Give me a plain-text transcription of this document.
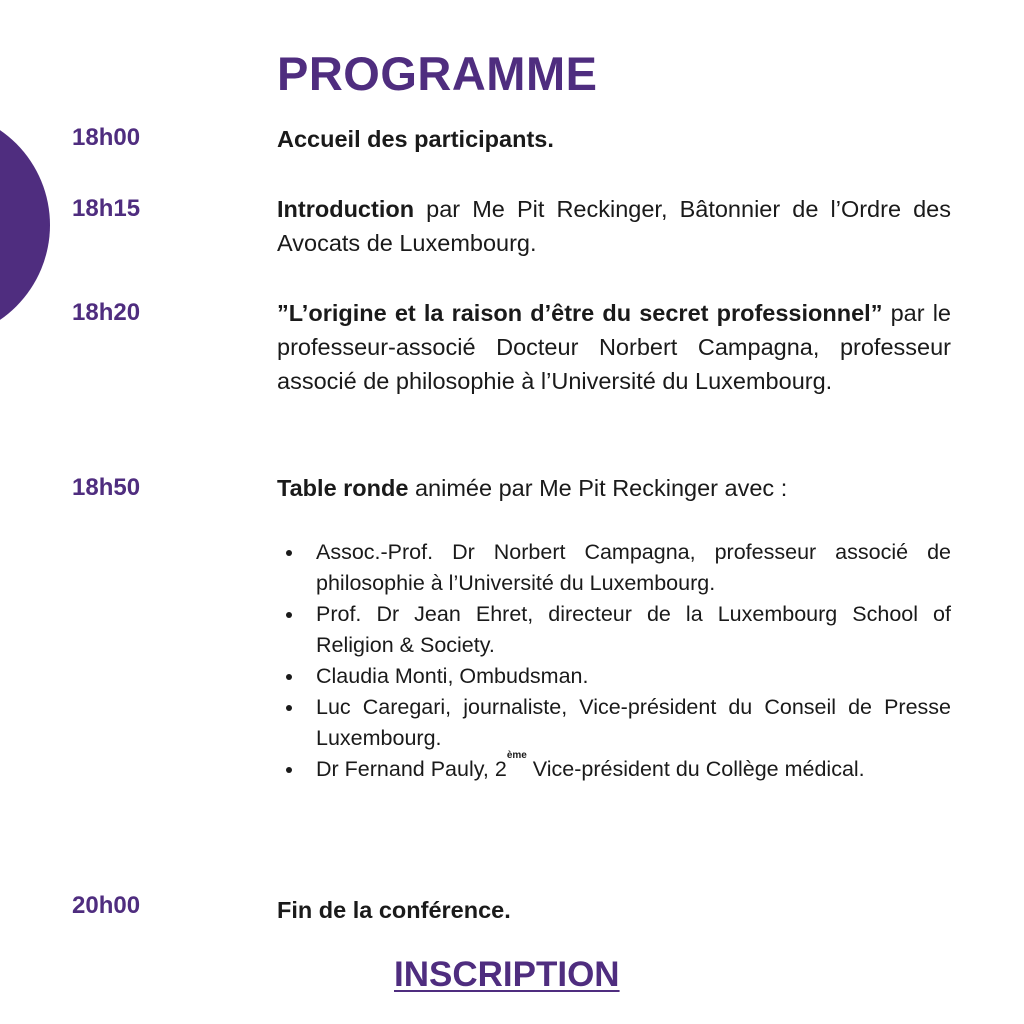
PROGRAMME
18h00	Accueil des participants.
18h15	Introduction par Me Pit Reckinger, Bâtonnier de l’Ordre des Avocats de Luxembourg.
18h20	”L’origine et la raison d’être du secret professionnel” par le professeur-associé Docteur Norbert Campagna, professeur associé de philosophie à l’Université du Luxembourg.
18h50	Table ronde animée par Me Pit Reckinger avec :
Assoc.-Prof. Dr Norbert Campagna, professeur associé de philosophie à l’Université du Luxembourg.
Prof. Dr Jean Ehret, directeur de la Luxembourg School of Religion & Society.
Claudia Monti, Ombudsman.
Luc Caregari, journaliste, Vice-président du Conseil de Presse Luxembourg.
Dr Fernand Pauly, 2ème Vice-président du Collège médical.
20h00	Fin de la conférence.
INSCRIPTION
